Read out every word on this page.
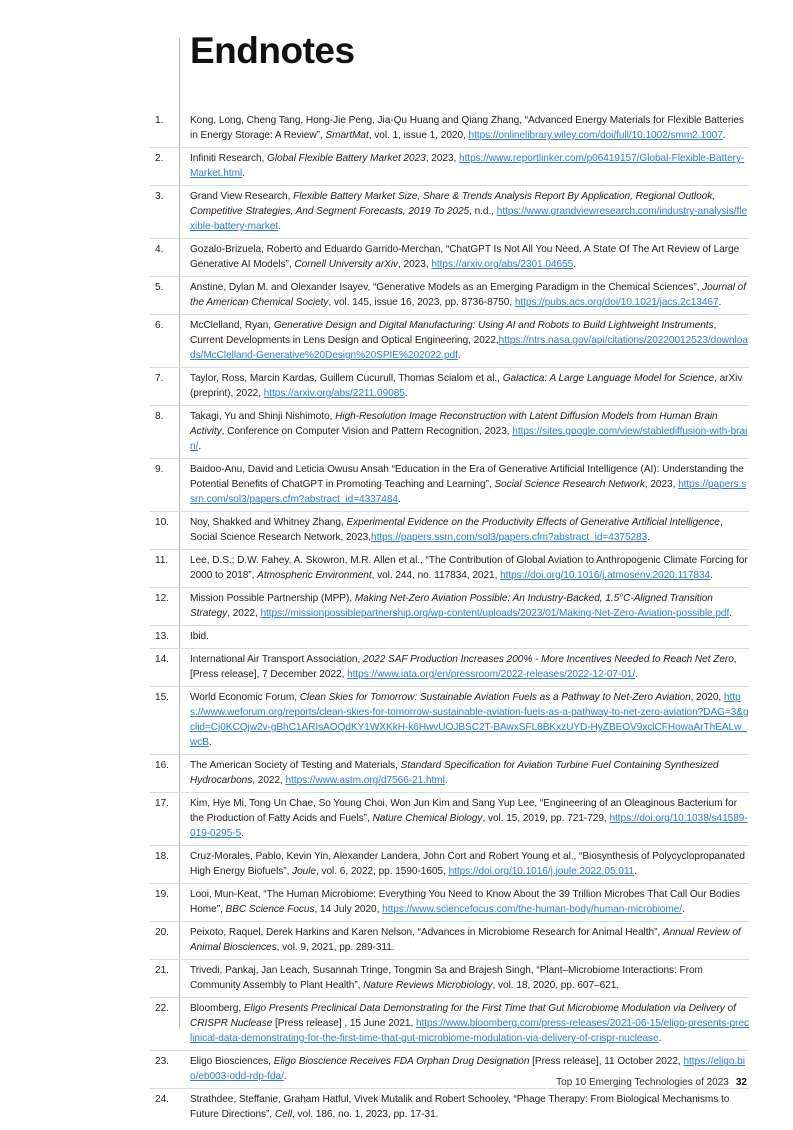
Endnotes
1.	Kong, Long, Cheng Tang, Hong-Jie Peng, Jia-Qu Huang and Qiang Zhang, “Advanced Energy Materials for Flexible Batteries in Energy Storage: A Review”, SmartMat, vol. 1, issue 1, 2020, https://onlinelibrary.wiley.com/doi/full/10.1002/smm2.1007.
2.	Infiniti Research, Global Flexible Battery Market 2023, 2023, https://www.reportlinker.com/p06419157/Global-Flexible-Battery-Market.html.
3.	Grand View Research, Flexible Battery Market Size, Share & Trends Analysis Report By Application, Regional Outlook, Competitive Strategies, And Segment Forecasts, 2019 To 2025, n.d., https://www.grandviewresearch.com/industry-analysis/flexible-battery-market.
4.	Gozalo-Brizuela, Roberto and Eduardo Garrido-Merchan, “ChatGPT Is Not All You Need. A State Of The Art Review of Large Generative AI Models”, Cornell University arXiv, 2023, https://arxiv.org/abs/2301.04655.
5.	Anstine, Dylan M. and Olexander Isayev, “Generative Models as an Emerging Paradigm in the Chemical Sciences”, Journal of the American Chemical Society, vol. 145, issue 16, 2023, pp. 8736-8750, https://pubs.acs.org/doi/10.1021/jacs.2c13467.
6.	McClelland, Ryan, Generative Design and Digital Manufacturing: Using AI and Robots to Build Lightweight Instruments, Current Developments in Lens Design and Optical Engineering, 2022,https://ntrs.nasa.gov/api/citations/20220012523/downloads/McClelland-Generative%20Design%20SPIE%202022.pdf.
7.	Taylor, Ross, Marcin Kardas, Guillem Cucurull, Thomas Scialom et al., Galactica: A Large Language Model for Science, arXiv (preprint), 2022, https://arxiv.org/abs/2211.09085.
8.	Takagi, Yu and Shinji Nishimoto, High-Resolution Image Reconstruction with Latent Diffusion Models from Human Brain Activity, Conference on Computer Vision and Pattern Recognition, 2023, https://sites.google.com/view/stablediffusion-with-brain/.
9.	Baidoo-Anu, David and Leticia Owusu Ansah “Education in the Era of Generative Artificial Intelligence (AI): Understanding the Potential Benefits of ChatGPT in Promoting Teaching and Learning”, Social Science Research Network, 2023, https://papers.ssrn.com/sol3/papers.cfm?abstract_id=4337484.
10.	Noy, Shakked and Whitney Zhang, Experimental Evidence on the Productivity Effects of Generative Artificial Intelligence, Social Science Research Network, 2023,https://papers.ssrn.com/sol3/papers.cfm?abstract_id=4375283.
11.	Lee, D.S.; D.W. Fahey, A. Skowron, M.R. Allen et al., “The Contribution of Global Aviation to Anthropogenic Climate Forcing for 2000 to 2018”, Atmospheric Environment, vol. 244, no. 117834, 2021, https://doi.org/10.1016/j.atmosenv.2020.117834.
12.	Mission Possible Partnership (MPP), Making Net-Zero Aviation Possible: An Industry-Backed, 1.5°C-Aligned Transition Strategy, 2022, https://missionpossiblepartnership.org/wp-content/uploads/2023/01/Making-Net-Zero-Aviation-possible.pdf.
13.	Ibid.
14.	International Air Transport Association, 2022 SAF Production Increases 200% - More Incentives Needed to Reach Net Zero, [Press release], 7 December 2022, https://www.iata.org/en/pressroom/2022-releases/2022-12-07-01/.
15.	World Economic Forum, Clean Skies for Tomorrow: Sustainable Aviation Fuels as a Pathway to Net-Zero Aviation, 2020, https://www.weforum.org/reports/clean-skies-for-tomorrow-sustainable-aviation-fuels-as-a-pathway-to-net-zero-aviation?DAG=3&gclid=Cj0KCQjw2v-gBhC1ARIsAOQdKY1WXKkH-k6HwvUOJBSC2T-BAwxSFL8BKxzUYD-HyZBEOV9xclCFHowaArThEALw_wcB.
16.	The American Society of Testing and Materials, Standard Specification for Aviation Turbine Fuel Containing Synthesized Hydrocarbons, 2022, https://www.astm.org/d7566-21.html.
17.	Kim, Hye Mi, Tong Un Chae, So Young Choi, Won Jun Kim and Sang Yup Lee, “Engineering of an Oleaginous Bacterium for the Production of Fatty Acids and Fuels”, Nature Chemical Biology, vol. 15, 2019, pp. 721-729, https://doi.org/10.1038/s41589-019-0295-5.
18.	Cruz-Morales, Pablo, Kevin Yin, Alexander Landera, John Cort and Robert Young et al., “Biosynthesis of Polycyclopropanated High Energy Biofuels”, Joule, vol. 6, 2022, pp. 1590-1605, https://doi.org/10.1016/j.joule.2022.05.011.
19.	Looi, Mun-Keat, “The Human Microbiome: Everything You Need to Know About the 39 Trillion Microbes That Call Our Bodies Home”, BBC Science Focus, 14 July 2020, https://www.sciencefocus.com/the-human-body/human-microbiome/.
20.	Peixoto, Raquel, Derek Harkins and Karen Nelson, “Advances in Microbiome Research for Animal Health”, Annual Review of Animal Biosciences, vol. 9, 2021, pp. 289-311.
21.	Trivedi, Pankaj, Jan Leach, Susannah Tringe, Tongmin Sa and Brajesh Singh, “Plant–Microbiome Interactions: From Community Assembly to Plant Health”, Nature Reviews Microbiology, vol. 18, 2020, pp. 607–621.
22.	Bloomberg, Eligo Presents Preclinical Data Demonstrating for the First Time that Gut Microbiome Modulation via Delivery of CRISPR Nuclease [Press release] , 15 June 2021, https://www.bloomberg.com/press-releases/2021-06-15/eligo-presents-preclinical-data-demonstrating-for-the-first-time-that-gut-microbiome-modulation-via-delivery-of-crispr-nuclease.
23.	Eligo Biosciences, Eligo Bioscience Receives FDA Orphan Drug Designation [Press release], 11 October 2022, https://eligo.bio/eb003-odd-rdp-fda/.
24.	Strathdee, Steffanie, Graham Hatful, Vivek Mutalik and Robert Schooley, “Phage Therapy: From Biological Mechanisms to Future Directions”, Cell, vol. 186, no. 1, 2023, pp. 17-31.
Top 10 Emerging Technologies of 2023 32
